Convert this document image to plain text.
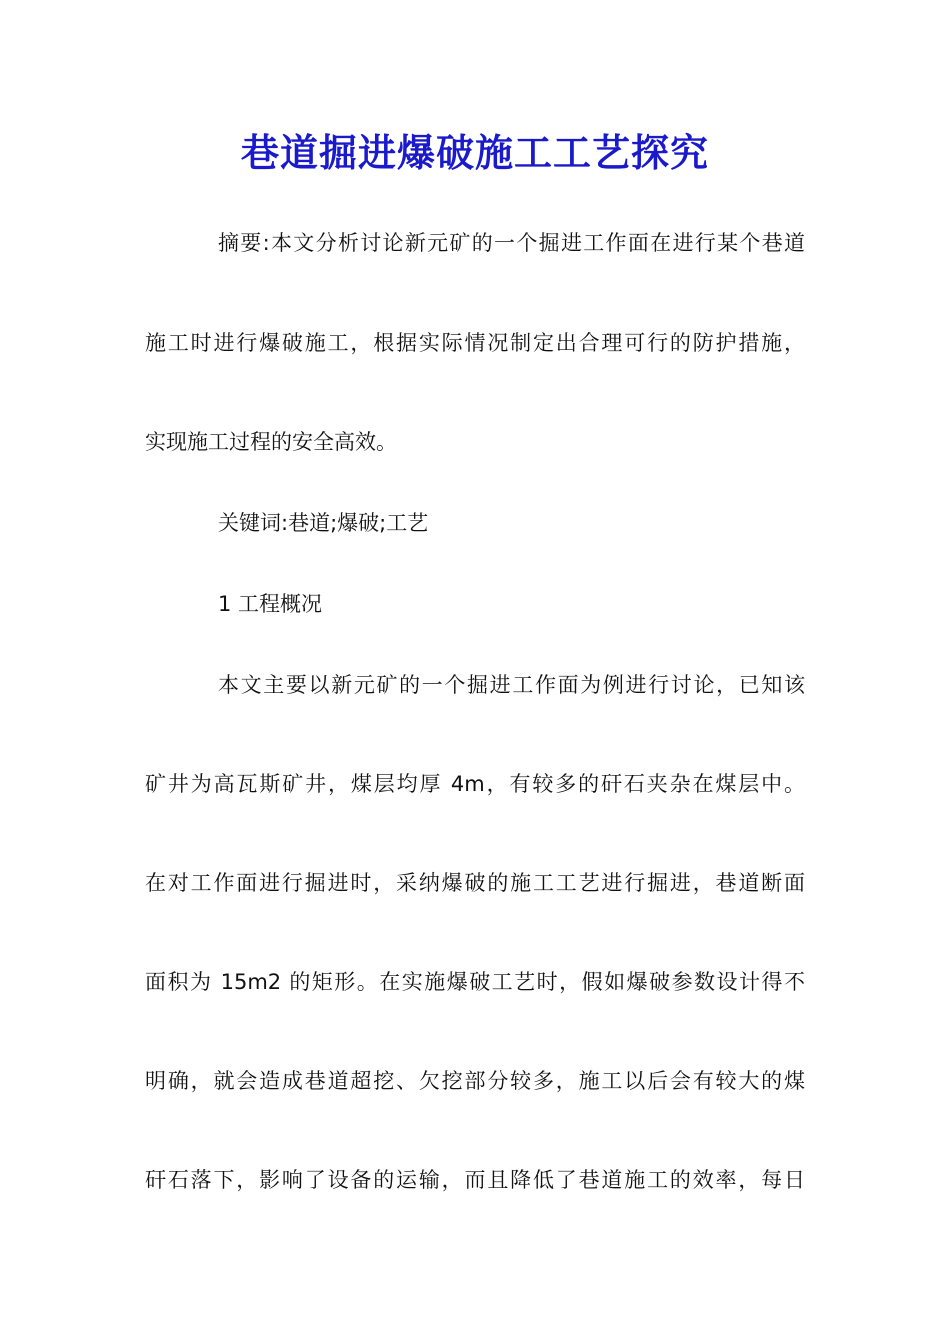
巷道掘进爆破施工工艺探究

摘要:本文分析讨论新元矿的一个掘进工作面在进行某个巷道

施工时进行爆破施工，根据实际情况制定出合理可行的防护措施，

实现施工过程的安全高效。

关键词:巷道;爆破;工艺

1 工程概况

本文主要以新元矿的一个掘进工作面为例进行讨论，已知该

矿井为高瓦斯矿井，煤层均厚 4m，有较多的矸石夹杂在煤层中。

在对工作面进行掘进时，采纳爆破的施工工艺进行掘进，巷道断面

面积为 15m2 的矩形。在实施爆破工艺时，假如爆破参数设计得不

明确，就会造成巷道超挖、欠挖部分较多，施工以后会有较大的煤

矸石落下，影响了设备的运输，而且降低了巷道施工的效率，每日
